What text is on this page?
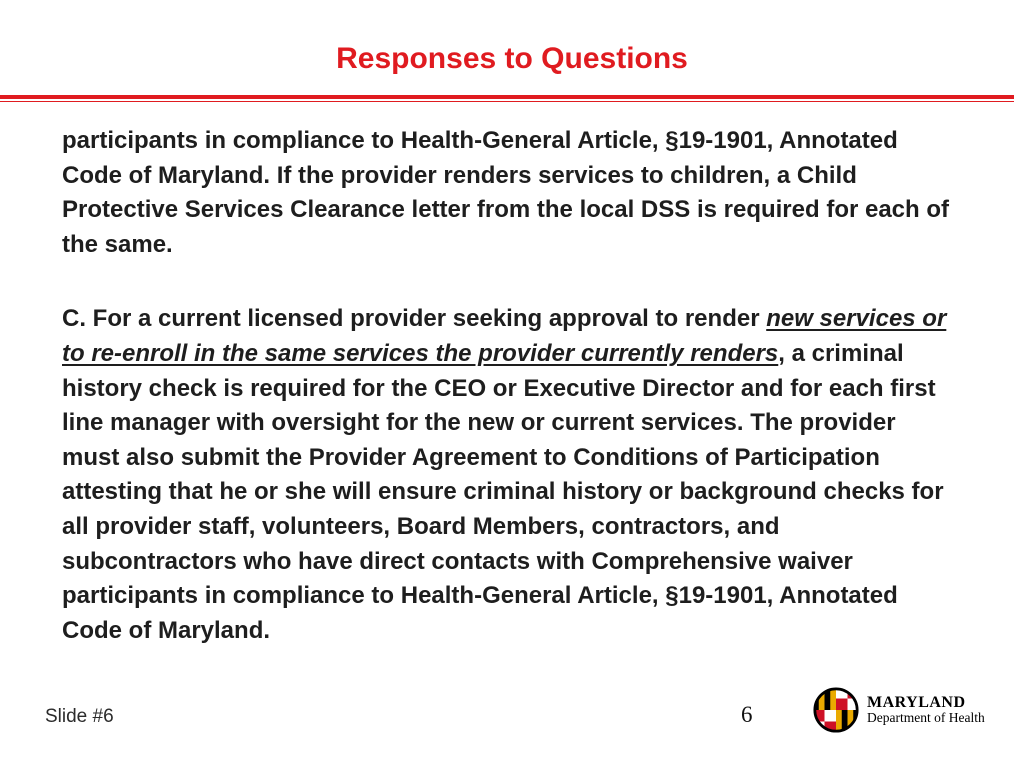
Responses to Questions

participants in compliance to Health-General Article, §19-1901, Annotated Code of Maryland. If the provider renders services to children, a Child Protective Services Clearance letter from the local DSS is required for each of the same.

C. For a current licensed provider seeking approval to render new services or to re-enroll in the same services the provider currently renders, a criminal history check is required for the CEO or Executive Director and for each first line manager with oversight for the new or current services. The provider must also submit the Provider Agreement to Conditions of Participation attesting that he or she will ensure criminal history or background checks for all provider staff, volunteers, Board Members, contractors, and subcontractors who have direct contacts with Comprehensive waiver participants in compliance to Health-General Article, §19-1901, Annotated Code of Maryland.

Slide #6	6	MARYLAND
Department of Health
